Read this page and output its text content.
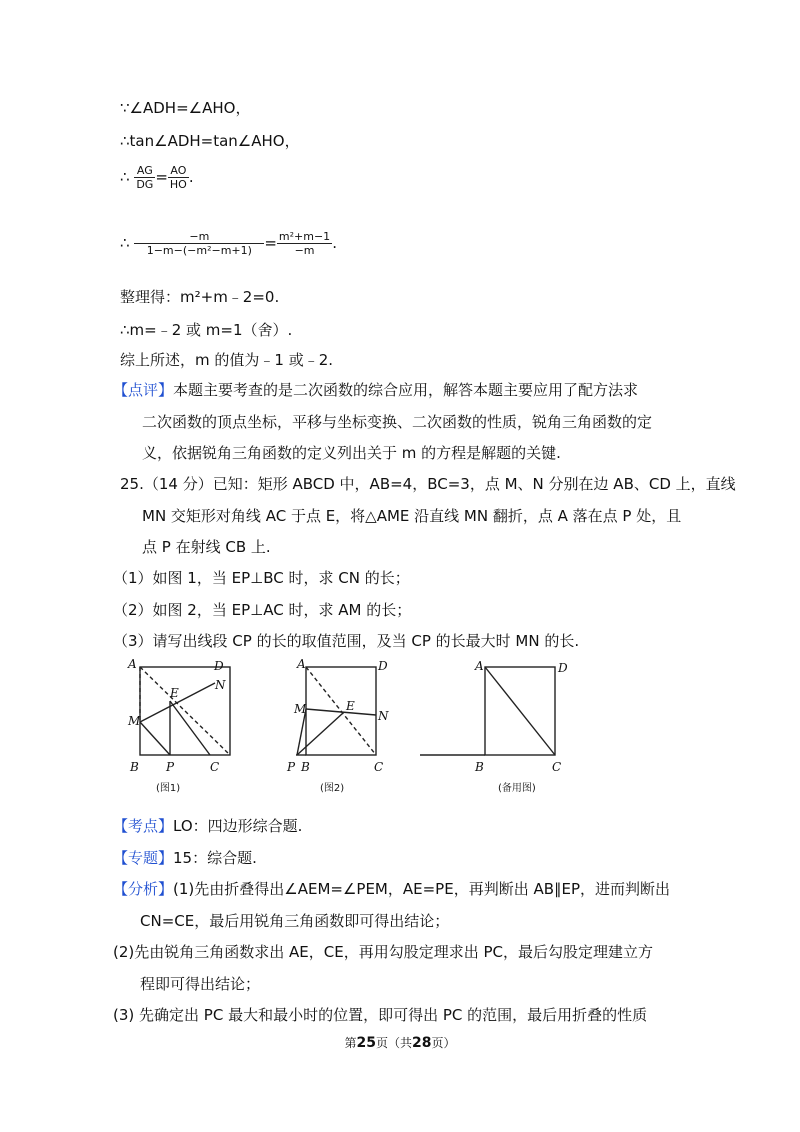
∵∠ADH=∠AHO，
∴tan∠ADH=tan∠AHO，
∴ $\frac{AG}{DG} = \frac{AO}{HO}$ .
∴ $\frac{-m}{\text{1−m−(−m²−m+1)}} = \frac{\text{m²+m−1}}{-m}$ .
整理得：m²+m﹣2=0.
∴m=﹣2 或 m=1（舍）.
综上所述，m 的值为﹣1 或﹣2.
【点评】本题主要考查的是二次函数的综合应用，解答本题主要应用了配方法求
二次函数的顶点坐标，平移与坐标变换、二次函数的性质，锐角三角函数的定
义，依据锐角三角函数的定义列出关于 m 的方程是解题的关键.
25.（14 分）已知：矩形 ABCD 中，AB=4，BC=3，点 M、N 分别在边 AB、CD 上，直线
MN 交矩形对角线 AC 于点 E，将△AME 沿直线 MN 翻折，点 A 落在点 P 处，且
点 P 在射线 CB 上.
（1）如图 1，当 EP⊥BC 时，求 CN 的长；
（2）如图 2，当 EP⊥AC 时，求 AM 的长；
（3）请写出线段 CP 的长的取值范围，及当 CP 的长最大时 MN 的长.
A	D
E
N
M
B P	C
A	D
E
N
M
P B	C
A	D
B	C
(图1)	(图2)	(备用图)
【考点】LO：四边形综合题.
【专题】15：综合题.
【分析】(1)先由折叠得出∠AEM=∠PEM，AE=PE，再判断出 AB∥EP，进而判断出
CN=CE，最后用锐角三角函数即可得出结论；
(2)先由锐角三角函数求出 AE，CE，再用勾股定理求出 PC，最后勾股定理建立方
程即可得出结论；
(3) 先确定出 PC 最大和最小时的位置，即可得出 PC 的范围，最后用折叠的性质
第25页（共28页）
